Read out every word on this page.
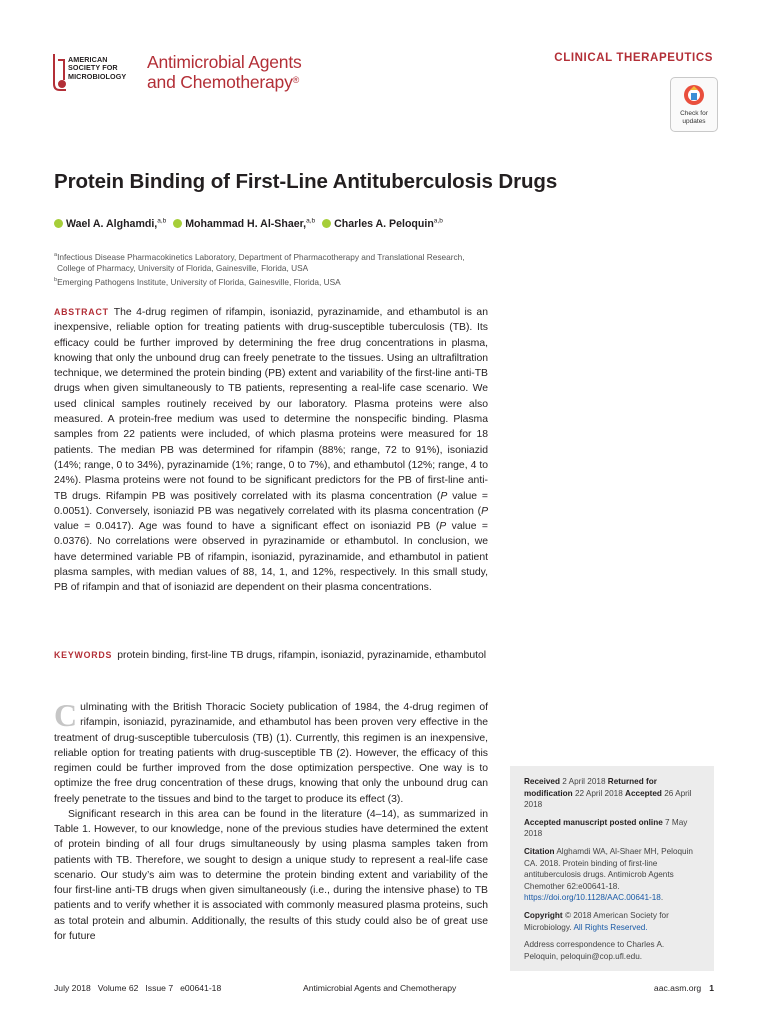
AMERICAN
SOCIETY FOR
MICROBIOLOGY
Antimicrobial Agents
and Chemotherapy®
CLINICAL THERAPEUTICS
Check for
updates
Protein Binding of First-Line Antituberculosis Drugs
Wael A. Alghamdi,$^{a,b}$ Mohammad H. Al-Shaer,$^{a,b}$ Charles A. Peloquin$^{a,b}$
$^a$Infectious Disease Pharmacokinetics Laboratory, Department of Pharmacotherapy and Translational Research,
College of Pharmacy, University of Florida, Gainesville, Florida, USA
$^b$Emerging Pathogens Institute, University of Florida, Gainesville, Florida, USA
ABSTRACT The 4-drug regimen of rifampin, isoniazid, pyrazinamide, and ethambutol is an inexpensive, reliable option for treating patients with drug-susceptible tuberculosis (TB). Its efficacy could be further improved by determining the free drug concentrations in plasma, knowing that only the unbound drug can freely penetrate to the tissues. Using an ultrafiltration technique, we determined the protein binding (PB) extent and variability of the first-line anti-TB drugs when given simultaneously to TB patients, representing a real-life case scenario. We used clinical samples routinely received by our laboratory. Plasma proteins were also measured. A protein-free medium was used to determine the nonspecific binding. Plasma samples from 22 patients were included, of which plasma proteins were measured for 18 patients. The median PB was determined for rifampin (88%; range, 72 to 91%), isoniazid (14%; range, 0 to 34%), pyrazinamide (1%; range, 0 to 7%), and ethambutol (12%; range, 4 to 24%). Plasma proteins were not found to be significant predictors for the PB of first-line anti-TB drugs. Rifampin PB was positively correlated with its plasma concentration (P value = 0.0051). Conversely, isoniazid PB was negatively correlated with its plasma concentration (P value = 0.0417). Age was found to have a significant effect on isoniazid PB (P value = 0.0376). No correlations were observed in pyrazinamide or ethambutol. In conclusion, we have determined variable PB of rifampin, isoniazid, pyrazinamide, and ethambutol in patient plasma samples, with median values of 88, 14, 1, and 12%, respectively. In this small study, PB of rifampin and that of isoniazid are dependent on their plasma concentrations.
KEYWORDS protein binding, first-line TB drugs, rifampin, isoniazid, pyrazinamide, ethambutol

Culminating with the British Thoracic Society publication of 1984, the 4-drug regimen of rifampin, isoniazid, pyrazinamide, and ethambutol has been proven very effective in the treatment of drug-susceptible tuberculosis (TB) (1). Currently, this regimen is an inexpensive, reliable option for treating patients with drug-susceptible TB (2). However, the efficacy of this regimen could be further improved from the dose optimization perspective. One way is to optimize the free drug concentration of these drugs, knowing that only the unbound drug can freely penetrate to the tissues and bind to the target to produce its effect (3).

Significant research in this area can be found in the literature (4–14), as summarized in Table 1. However, to our knowledge, none of the previous studies have determined the extent of protein binding of all four drugs simultaneously by using plasma samples taken from patients with TB. Therefore, we sought to design a unique study to represent a real-life case scenario. Our study’s aim was to determine the protein binding extent and variability of the four first-line anti-TB drugs when given simultaneously (i.e., during the intensive phase) to TB patients and to verify whether it is associated with commonly measured plasma proteins, such as total protein and albumin. Additionally, the results of this study could also be of great use for future

Received 2 April 2018 Returned for modification 22 April 2018 Accepted 26 April 2018
Accepted manuscript posted online 7 May 2018
Citation Alghamdi WA, Al-Shaer MH, Peloquin CA. 2018. Protein binding of first-line antituberculosis drugs. Antimicrob Agents Chemother 62:e00641-18. https://doi.org/10.1128/AAC.00641-18.
Copyright © 2018 American Society for Microbiology. All Rights Reserved.
Address correspondence to Charles A. Peloquin, peloquin@cop.ufl.edu.
July 2018 Volume 62 Issue 7 e00641-18	Antimicrobial Agents and Chemotherapy	aac.asm.org 1
